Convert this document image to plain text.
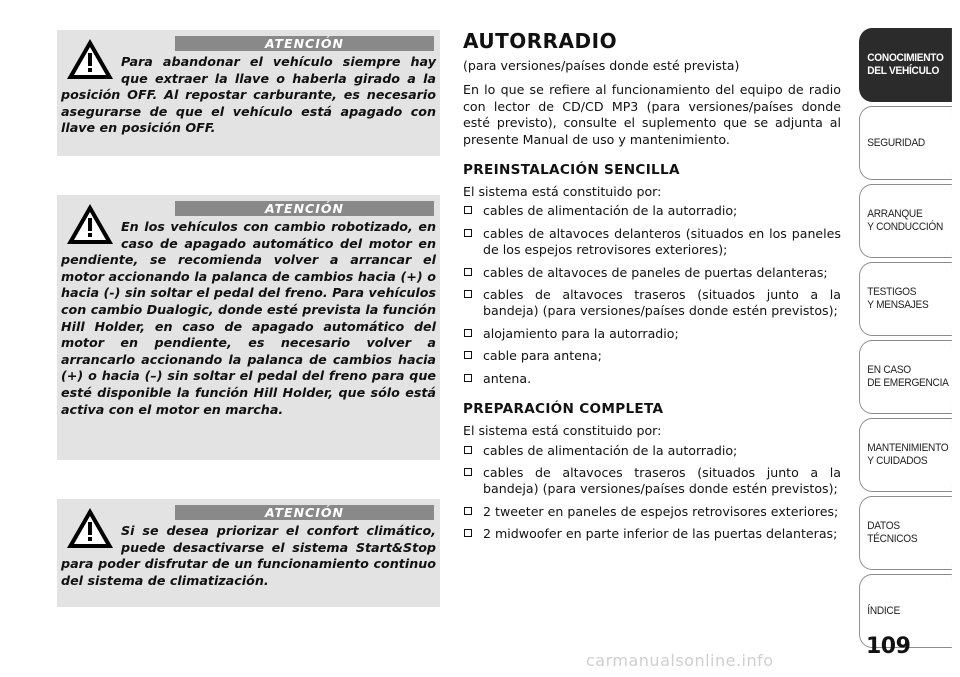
ATENCIÓN
Para abandonar el vehículo siempre hay que extraer la llave o haberla girado a la posición OFF. Al repostar carburante, es necesario asegurarse de que el vehículo está apagado con llave en posición OFF.
ATENCIÓN
En los vehículos con cambio robotizado, en caso de apagado automático del motor en pendiente, se recomienda volver a arrancar el motor accionando la palanca de cambios hacia (+) o hacia (-) sin soltar el pedal del freno. Para vehículos con cambio Dualogic, donde esté prevista la función Hill Holder, en caso de apagado automático del motor en pendiente, es necesario volver a arrancarlo accionando la palanca de cambios hacia (+) o hacia (–) sin soltar el pedal del freno para que esté disponible la función Hill Holder, que sólo está activa con el motor en marcha.
ATENCIÓN
Si se desea priorizar el confort climático, puede desactivarse el sistema Start&Stop para poder disfrutar de un funcionamiento continuo del sistema de climatización.
AUTORRADIO

(para versiones/países donde esté prevista)

En lo que se refiere al funcionamiento del equipo de radio con lector de CD/CD MP3 (para versiones/países donde esté previsto), consulte el suplemento que se adjunta al presente Manual de uso y mantenimiento.

PREINSTALACIÓN SENCILLA

El sistema está constituido por:

cables de alimentación de la autorradio;
cables de altavoces delanteros (situados en los paneles de los espejos retrovisores exteriores);
cables de altavoces de paneles de puertas delanteras;
cables de altavoces traseros (situados junto a la bandeja) (para versiones/países donde estén previstos);
alojamiento para la autorradio;
cable para antena;
antena.
PREPARACIÓN COMPLETA

El sistema está constituido por:

cables de alimentación de la autorradio;
cables de altavoces traseros (situados junto a la bandeja) (para versiones/países donde estén previstos);
2 tweeter en paneles de espejos retrovisores exteriores;
2 midwoofer en parte inferior de las puertas delanteras;
CONOCIMIENTO
DEL VEHÍCULO
SEGURIDAD
ARRANQUE
Y CONDUCCIÓN
TESTIGOS
Y MENSAJES
EN CASO
DE EMERGENCIA
MANTENIMIENTO
Y CUIDADOS
DATOS TÉCNICOS
ÍNDICE
109
carmanualsonline.info
